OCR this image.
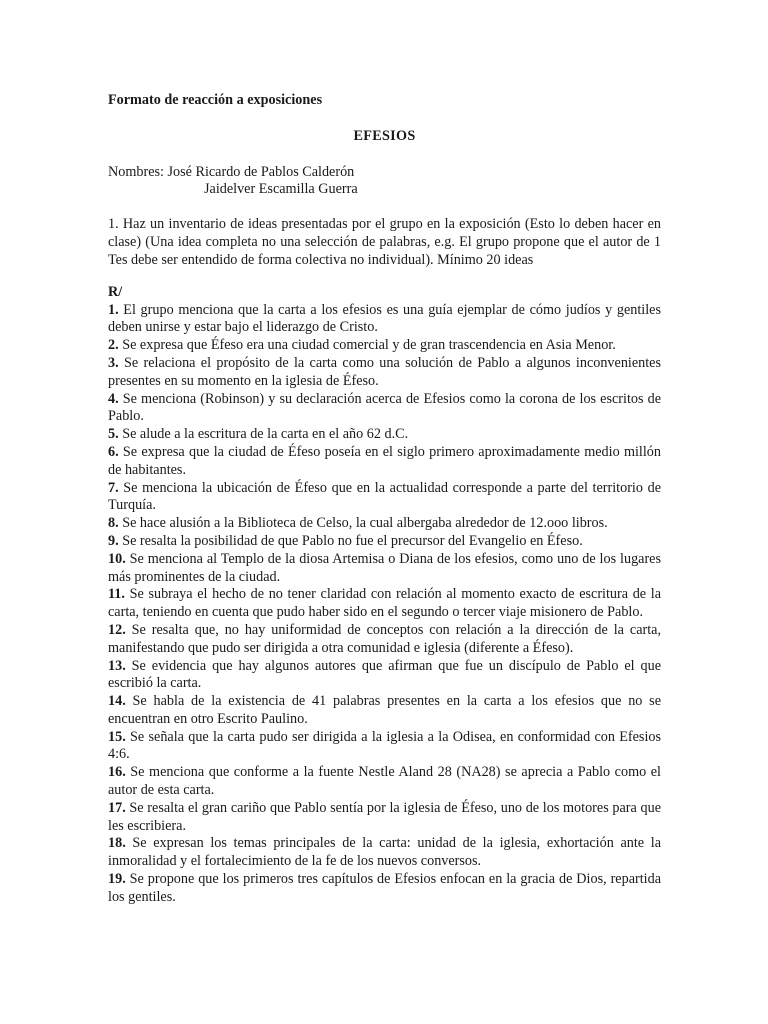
Formato de reacción a exposiciones

EFESIOS

Nombres: José Ricardo de Pablos Calderón
Jaidelver Escamilla Guerra

1. Haz un inventario de ideas presentadas por el grupo en la exposición (Esto lo deben hacer en clase) (Una idea completa no una selección de palabras, e.g. El grupo propone que el autor de 1 Tes debe ser entendido de forma colectiva no individual). Mínimo 20 ideas

R/

1. El grupo menciona que la carta a los efesios es una guía ejemplar de cómo judíos y gentiles deben unirse y estar bajo el liderazgo de Cristo.

2. Se expresa que Éfeso era una ciudad comercial y de gran trascendencia en Asia Menor.

3. Se relaciona el propósito de la carta como una solución de Pablo a algunos inconvenientes presentes en su momento en la iglesia de Éfeso.

4. Se menciona (Robinson) y su declaración acerca de Efesios como la corona de los escritos de Pablo.

5. Se alude a la escritura de la carta en el año 62 d.C.

6. Se expresa que la ciudad de Éfeso poseía en el siglo primero aproximadamente medio millón de habitantes.

7. Se menciona la ubicación de Éfeso que en la actualidad corresponde a parte del territorio de Turquía.

8. Se hace alusión a la Biblioteca de Celso, la cual albergaba alrededor de 12.ooo libros.

9. Se resalta la posibilidad de que Pablo no fue el precursor del Evangelio en Éfeso.

10. Se menciona al Templo de la diosa Artemisa o Diana de los efesios, como uno de los lugares más prominentes de la ciudad.

11. Se subraya el hecho de no tener claridad con relación al momento exacto de escritura de la carta, teniendo en cuenta que pudo haber sido en el segundo o tercer viaje misionero de Pablo.

12. Se resalta que, no hay uniformidad de conceptos con relación a la dirección de la carta, manifestando que pudo ser dirigida a otra comunidad e iglesia (diferente a Éfeso).

13. Se evidencia que hay algunos autores que afirman que fue un discípulo de Pablo el que escribió la carta.

14. Se habla de la existencia de 41 palabras presentes en la carta a los efesios que no se encuentran en otro Escrito Paulino.

15. Se señala que la carta pudo ser dirigida a la iglesia a la Odisea, en conformidad con Efesios 4:6.

16. Se menciona que conforme a la fuente Nestle Aland 28 (NA28) se aprecia a Pablo como el autor de esta carta.

17. Se resalta el gran cariño que Pablo sentía por la iglesia de Éfeso, uno de los motores para que les escribiera.

18. Se expresan los temas principales de la carta: unidad de la iglesia, exhortación ante la inmoralidad y el fortalecimiento de la fe de los nuevos conversos.

19. Se propone que los primeros tres capítulos de Efesios enfocan en la gracia de Dios, repartida los gentiles.
